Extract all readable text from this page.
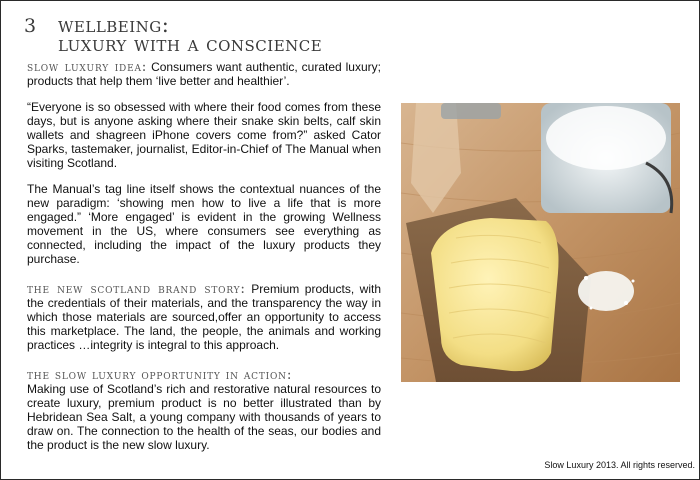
3 wellbeing:
luxury with a conscience

slow luxury idea: Consumers want authentic, curated luxury; products that help them ‘live better and healthier’.

“Everyone is so obsessed with where their food comes from these days, but is anyone asking where their snake skin belts, calf skin wallets and shagreen iPhone covers come from?” asked Cator Sparks, tastemaker, journalist, Editor-in-Chief of The Manual when visiting Scotland.

The Manual’s tag line itself shows the contextual nuances of the new paradigm: ‘showing men how to live a life that is more engaged.” ‘More engaged’ is evident in the growing Wellness movement in the US, where consumers see everything as connected, including the impact of the luxury products they purchase.

the new scotland brand story: Premium products, with the credentials of their materials, and the transparency the way in which those materials are sourced,offer an opportunity to access this marketplace. The land, the people, the animals and working practices …integrity is integral to this approach.

the slow luxury opportunity in action:
Making use of Scotland’s rich and restorative natural resources to create luxury, premium product is no better illustrated than by Hebridean Sea Salt, a young company with thousands of years to draw on. The connection to the health of the seas, our bodies and the product is the new slow luxury.

Slow Luxury 2013. All rights reserved.
